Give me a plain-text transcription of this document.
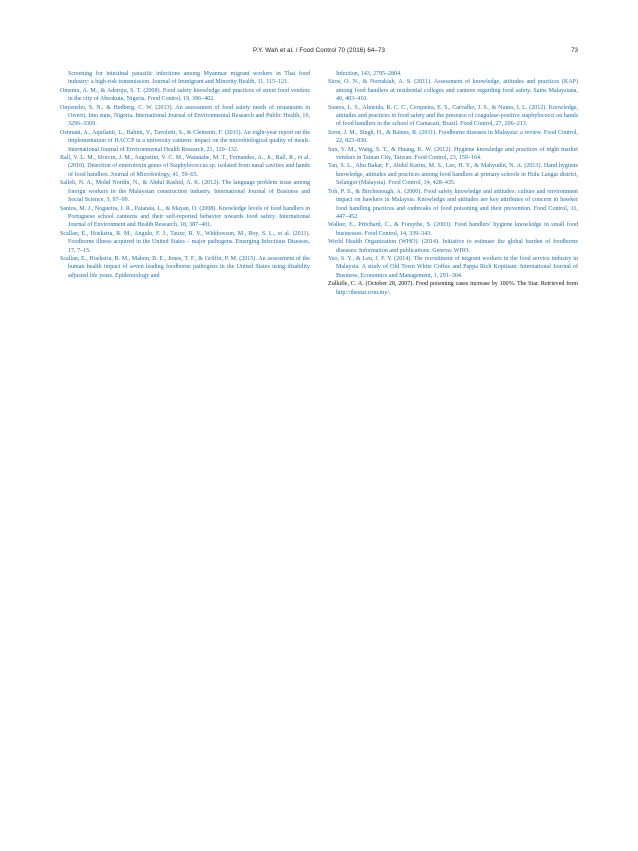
P.Y. Wah et al. / Food Control 70 (2016) 64–73	73

Screening for intestinal parasitic infections among Myanmar migrant workers in Thai food industry: a high-risk transmission. Journal of Immigrant and Minority Health, 11, 115–121.

Omemu, A. M., & Aderoju, S. T. (2008). Food safety knowledge and practices of street food vendors in the city of Abeokuta, Nigeria. Food Control, 19, 396–402.

Onyeneho, S. N., & Hedberg, C. W. (2013). An assessment of food safety needs of restaurants in Owerri, Imo state, Nigeria. International Journal of Environmental Research and Public Health, 10, 3296–3309.

Osimani, A., Aquilanti, L., Babini, V., Tavoletti, S., & Clementi, F. (2011). An eight-year report on the implementation of HACCP in a university canteen: impact on the microbiological quality of meals. International Journal of Environmental Health Research, 21, 120–132.

Rall, V. L. M., Sforcin, J. M., Augustini, V. C. M., Watanabe, M. T., Fernandes, A., Jr., Rall, R., et al. (2010). Detection of enterotoxin genes of Staphylococcus sp. isolated from nasal cavities and hands of food handlers. Journal of Microbiology, 41, 59–65.

Salleh, N. A., Mohd Nordin, N., & Abdul Rashid, A. K. (2012). The language problem issue among foreign workers in the Malaysian construction industry. International Journal of Business and Social Science, 3, 97–99.

Santos, M. J., Nogueira, J. R., Patarata, L., & Mayan, O. (2008). Knowledge levels of food handlers in Portuguese school canteens and their self-reported behavior towards food safety. International Journal of Environment and Health Research, 18, 387–401.

Scallan, E., Hoekstra, R. M., Angulo, F. J., Tauxe, R. V., Widdowson, M., Roy, S. L., et al. (2011). Foodborne illness acquired in the United States – major pathogens. Emerging Infectious Diseases, 17, 7–15.

Scallan, E., Hoekstra, R. M., Mahon, B. E., Jones, T. F., & Griffin, P. M. (2015). An assessment of the human health impact of seven leading foodborne pathogens in the United States using disability adjusted life years. Epidemiology and

Infection, 143, 2795–2804.

Siow, O. N., & Norrakiah, A. S. (2011). Assessment of knowledge, attitudes and practices (KAP) among food handlers at residential colleges and canteen regarding food safety. Sains Malaysiana, 40, 403–410.

Soares, L. S., Almeida, R. C. C., Cerqueira, E. S., Carvalho, J. S., & Nunes, I. L. (2012). Knowledge, attitudes and practices in food safety and the presence of coagulase-positive staphylococci on hands of food handlers in the school of Camacari, Brazil. Food Control, 27, 206–213.

Soon, J. M., Singh, H., & Baines, R. (2011). Foodborne diseases in Malaysia: a review. Food Control, 22, 823–830.

Sun, Y. M., Wang, S. T., & Huang, K. W. (2012). Hygiene knowledge and practices of night market vendors in Tainan City, Taiwan. Food Control, 23, 159–164.

Tan, S. L., Abu Bakar, F., Abdul Karim, M. S., Lee, H. Y., & Mahyudin, N. A. (2013). Hand hygiene knowledge, attitudes and practices among food handlers at primary schools in Hulu Langat district, Selangor (Malaysia). Food Control, 34, 428–435.

Toh, P. S., & Birchenough, A. (2000). Food safety knowledge and attitudes: culture and environment impact on hawkers in Malaysia. Knowledge and attitudes are key attributes of concern in hawker food handling practices and outbreaks of food poisoning and their prevention. Food Control, 11, 447–452.

Walker, E., Pritchard, C., & Forsythe, S. (2003). Food handlers' hygiene knowledge in small food businesses. Food Control, 14, 339–343.

World Health Organization (WHO). (2014). Initiative to estimate the global burden of foodborne diseases: Information and publications. Geneva: WHO.

Yeo, S. Y., & Leu, J. F. Y. (2014). The recruitment of migrant workers in the food service industry in Malaysia: A study of Old Town White Coffee and Pappa Rich Kopitiam. International Journal of Business, Economics and Management, 1, 291–304.

Zulkifle, C. A. (October 28, 2007). Food poisoning cases increase by 100%. The Star. Retrieved from http://thestar.com.my/.
